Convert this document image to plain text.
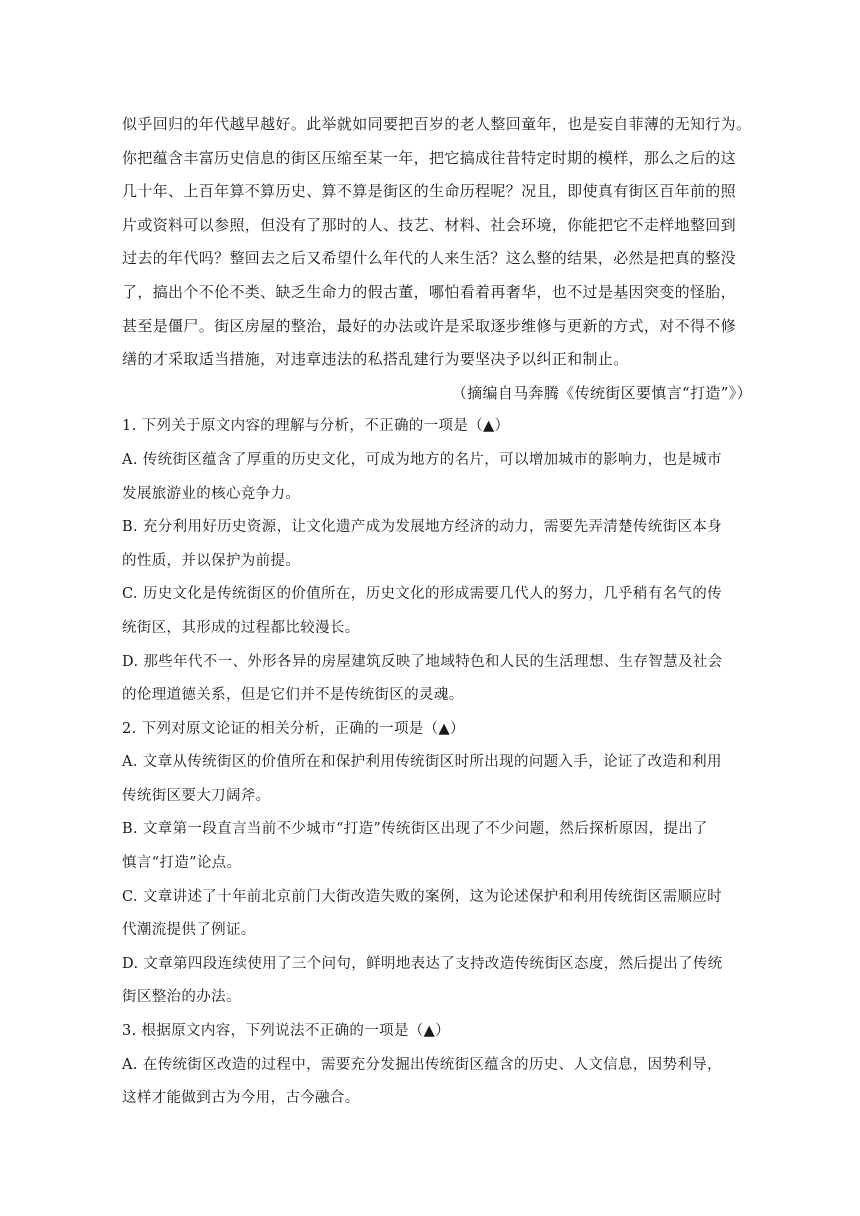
似乎回归的年代越早越好。此举就如同要把百岁的老人整回童年，也是妄自菲薄的无知行为。
你把蕴含丰富历史信息的街区压缩至某一年，把它搞成往昔特定时期的模样，那么之后的这
几十年、上百年算不算历史、算不算是街区的生命历程呢？况且，即使真有街区百年前的照
片或资料可以参照，但没有了那时的人、技艺、材料、社会环境，你能把它不走样地整回到
过去的年代吗？整回去之后又希望什么年代的人来生活？这么整的结果，必然是把真的整没
了，搞出个不伦不类、缺乏生命力的假古董，哪怕看着再奢华，也不过是基因突变的怪胎，
甚至是僵尸。街区房屋的整治，最好的办法或许是采取逐步维修与更新的方式，对不得不修
缮的才采取适当措施，对违章违法的私搭乱建行为要坚决予以纠正和制止。
（摘编自马奔腾《传统街区要慎言“打造”》）
1. 下列关于原文内容的理解与分析，不正确的一项是（▲）
A. 传统街区蕴含了厚重的历史文化，可成为地方的名片，可以增加城市的影响力，也是城市
发展旅游业的核心竞争力。
B. 充分利用好历史资源，让文化遗产成为发展地方经济的动力，需要先弄清楚传统街区本身
的性质，并以保护为前提。
C. 历史文化是传统街区的价值所在，历史文化的形成需要几代人的努力，几乎稍有名气的传
统街区，其形成的过程都比较漫长。
D. 那些年代不一、外形各异的房屋建筑反映了地域特色和人民的生活理想、生存智慧及社会
的伦理道德关系，但是它们并不是传统街区的灵魂。
2. 下列对原文论证的相关分析，正确的一项是（▲）
A. 文章从传统街区的价值所在和保护利用传统街区时所出现的问题入手，论证了改造和利用
传统街区要大刀阔斧。
B. 文章第一段直言当前不少城市“打造”传统街区出现了不少问题，然后探析原因，提出了
慎言“打造”论点。
C. 文章讲述了十年前北京前门大街改造失败的案例，这为论述保护和利用传统街区需顺应时
代潮流提供了例证。
D. 文章第四段连续使用了三个问句，鲜明地表达了支持改造传统街区态度，然后提出了传统
街区整治的办法。
3. 根据原文内容，下列说法不正确的一项是（▲）
A. 在传统街区改造的过程中，需要充分发掘出传统街区蕴含的历史、人文信息，因势利导，
这样才能做到古为今用，古今融合。
